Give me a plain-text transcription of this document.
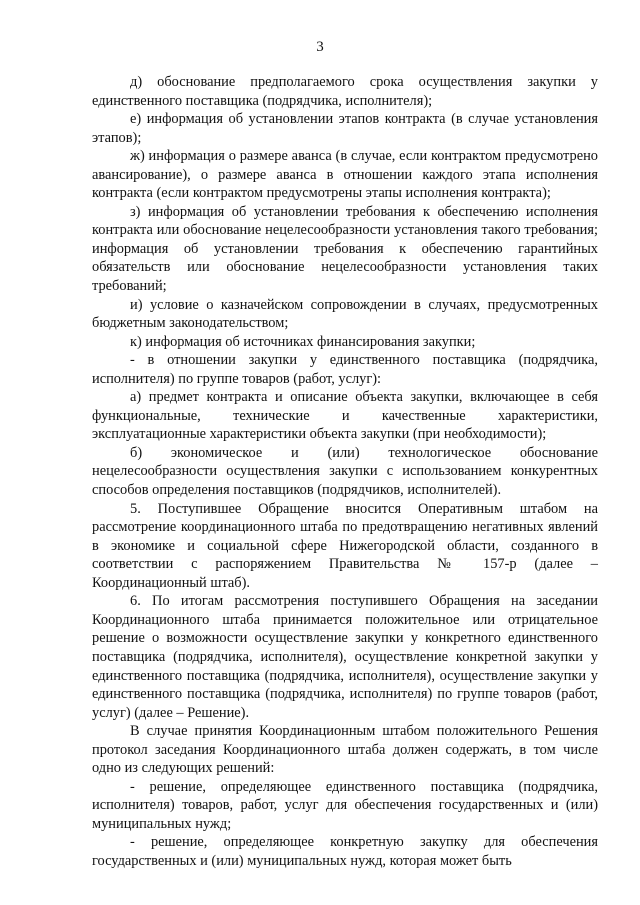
3

д) обоснование предполагаемого срока осуществления закупки у единственного поставщика (подрядчика, исполнителя);

е) информация об установлении этапов контракта (в случае установления этапов);

ж) информация о размере аванса (в случае, если контрактом предусмотрено авансирование), о размере аванса в отношении каждого этапа исполнения контракта (если контрактом предусмотрены этапы исполнения контракта);

з) информация об установлении требования к обеспечению исполнения контракта или обоснование нецелесообразности установления такого требования; информация об установлении требования к обеспечению гарантийных обязательств или обоснование нецелесообразности установления таких требований;

и) условие о казначейском сопровождении в случаях, предусмотренных бюджетным законодательством;

к) информация об источниках финансирования закупки;

- в отношении закупки у единственного поставщика (подрядчика, исполнителя) по группе товаров (работ, услуг):

а) предмет контракта и описание объекта закупки, включающее в себя функциональные, технические и качественные характеристики, эксплуатационные характеристики объекта закупки (при необходимости);

б) экономическое и (или) технологическое обоснование нецелесообразности осуществления закупки с использованием конкурентных способов определения поставщиков (подрядчиков, исполнителей).

5. Поступившее Обращение вносится Оперативным штабом на рассмотрение координационного штаба по предотвращению негативных явлений в экономике и социальной сфере Нижегородской области, созданного в соответствии с распоряжением Правительства № 157-р (далее – Координационный штаб).

6. По итогам рассмотрения поступившего Обращения на заседании Координационного штаба принимается положительное или отрицательное решение о возможности осуществление закупки у конкретного единственного поставщика (подрядчика, исполнителя), осуществление конкретной закупки у единственного поставщика (подрядчика, исполнителя), осуществление закупки у единственного поставщика (подрядчика, исполнителя) по группе товаров (работ, услуг) (далее – Решение).

В случае принятия Координационным штабом положительного Решения протокол заседания Координационного штаба должен содержать, в том числе одно из следующих решений:

- решение, определяющее единственного поставщика (подрядчика, исполнителя) товаров, работ, услуг для обеспечения государственных и (или) муниципальных нужд;

- решение, определяющее конкретную закупку для обеспечения государственных и (или) муниципальных нужд, которая может быть
